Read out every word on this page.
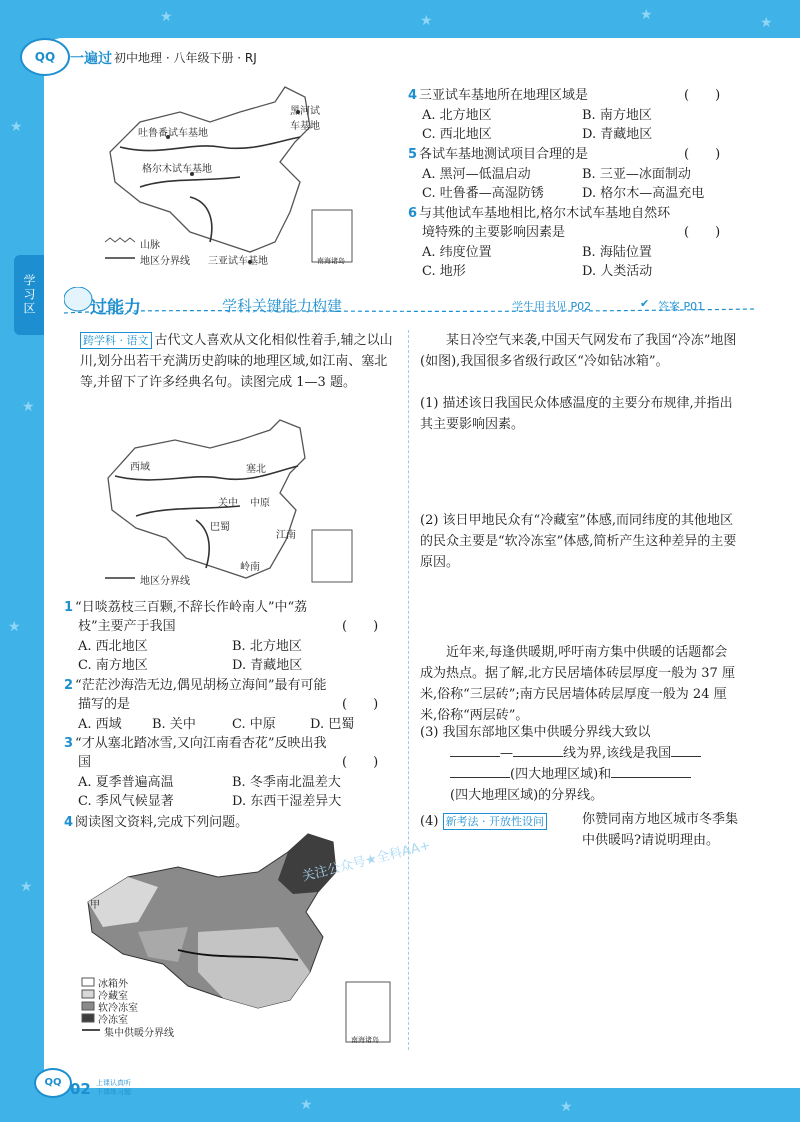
★
★
★
★
★	★	★	★
★	★
QQ	一遍过 初中地理 · 八年级下册 · RJ
学习区
吐鲁番试车基地
黑河试车基地
格尔木试车基地
三亚试车基地
山脉
地区分界线	南海诸岛
4 三亚试车基地所在地理区域是	(　　)
A. 北方地区	B. 南方地区
C. 西北地区	D. 青藏地区
5 各试车基地测试项目合理的是	(　　)
A. 黑河—低温启动	B. 三亚—冰面制动
C. 吐鲁番—高湿防锈	D. 格尔木—高温充电
6 与其他试车基地相比,格尔木试车基地自然环
境特殊的主要影响因素是	(　　)
A. 纬度位置	B. 海陆位置
C. 地形	D. 人类活动
过能力	学科关键能力构建	学生用书见 P02	✔ 答案 P01
跨学科 · 语文 古代文人喜欢从文化相似性着手,辅之以山川,划分出若干充满历史韵味的地理区域,如江南、塞北等,并留下了许多经典名句。读图完成 1—3 题。
西域	塞北
关中 中原
巴蜀
江南
岭南
地区分界线
1 “日啖荔枝三百颗,不辞长作岭南人”中“荔
枝”主要产于我国	(　　)
A. 西北地区	B. 北方地区
C. 南方地区	D. 青藏地区
2 “茫茫沙海浩无边,偶见胡杨立海间”最有可能
描写的是	(　　)
A. 西域 B. 关中	C. 中原	D. 巴蜀
3 “才从塞北踏冰雪,又向江南看杏花”反映出我
国	(　　)
A. 夏季普遍高温	B. 冬季南北温差大
C. 季风气候显著	D. 东西干湿差异大
4 阅读图文资料,完成下列问题。
甲
冰箱外
冷藏室
软冷冻室
冷冻室
集中供暖分界线
南海诸岛
某日冷空气来袭,中国天气网发布了我国“冷冻”地图(如图),我国很多省级行政区“冷如钻冰箱”。
(1) 描述该日我国民众体感温度的主要分布规律,并指出其主要影响因素。
(2) 该日甲地民众有“冷藏室”体感,而同纬度的其他地区的民众主要是“软冷冻室”体感,简析产生这种差异的主要原因。
近年来,每逢供暖期,呼吁南方集中供暖的话题都会成为热点。据了解,北方民居墙体砖层厚度一般为 37 厘米,俗称“三层砖”;南方民居墙体砖层厚度一般为 24 厘米,俗称“两层砖”。
(3) 我国东部地区集中供暖分界线大致以
—	线为界,该线是我国
(四大地理区域)和
(四大地理区域)的分界线。
(4) 新考法 · 开放性设问	你赞同南方地区城市冬季集中供暖吗?请说明理由。
关注公众号★全科AA+
QQ 02 上课认真听 下课练习题
